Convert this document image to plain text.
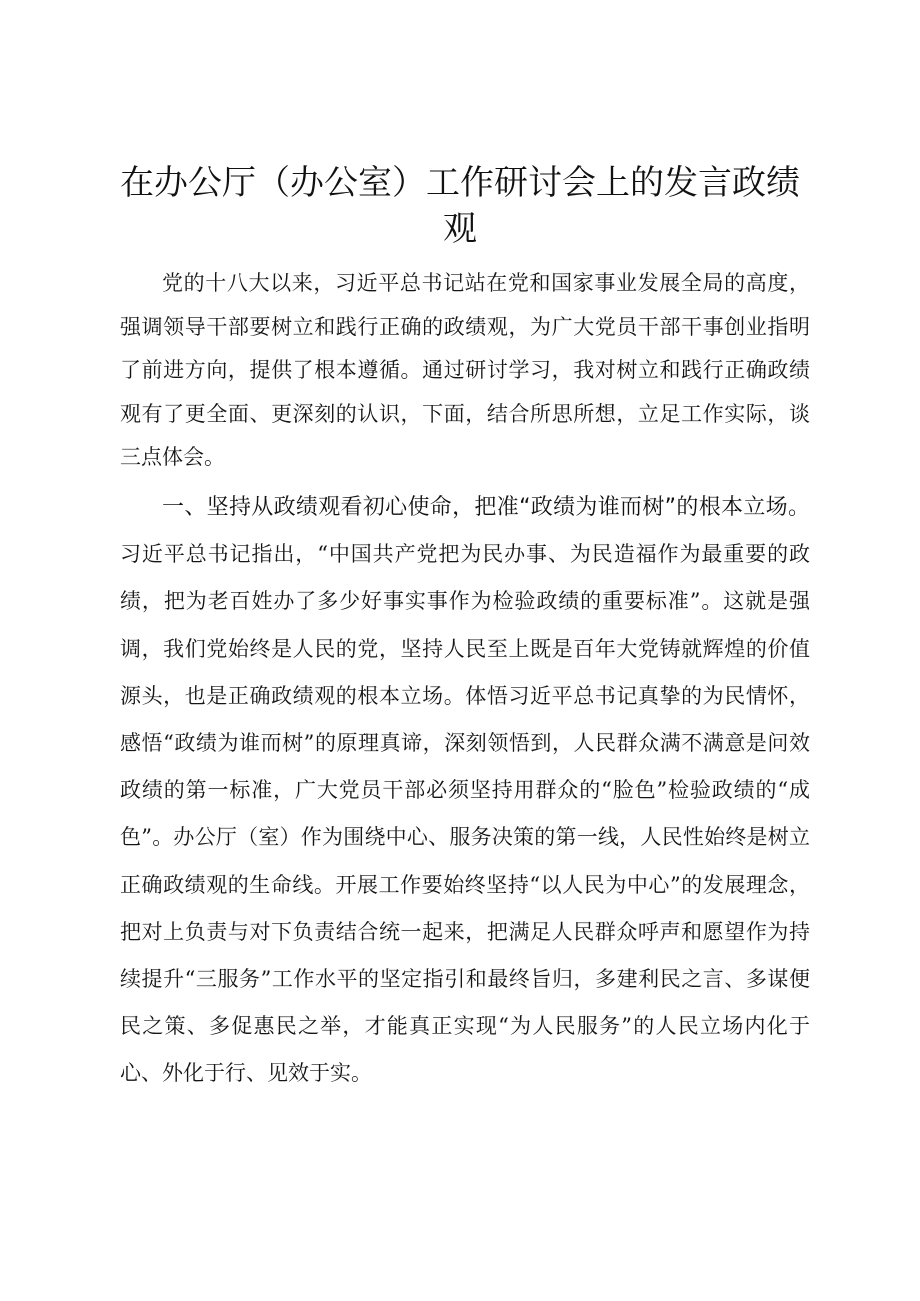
在办公厅（办公室）工作研讨会上的发言政绩观

党的十八大以来，习近平总书记站在党和国家事业发展全局的高度，强调领导干部要树立和践行正确的政绩观，为广大党员干部干事创业指明了前进方向，提供了根本遵循。通过研讨学习，我对树立和践行正确政绩观有了更全面、更深刻的认识，下面，结合所思所想，立足工作实际，谈三点体会。

一、坚持从政绩观看初心使命，把准“政绩为谁而树”的根本立场。习近平总书记指出，“中国共产党把为民办事、为民造福作为最重要的政绩，把为老百姓办了多少好事实事作为检验政绩的重要标准”。这就是强调，我们党始终是人民的党，坚持人民至上既是百年大党铸就辉煌的价值源头，也是正确政绩观的根本立场。体悟习近平总书记真挚的为民情怀，感悟“政绩为谁而树”的原理真谛，深刻领悟到，人民群众满不满意是问效政绩的第一标准，广大党员干部必须坚持用群众的“脸色”检验政绩的“成色”。办公厅（室）作为围绕中心、服务决策的第一线，人民性始终是树立正确政绩观的生命线。开展工作要始终坚持“以人民为中心”的发展理念，把对上负责与对下负责结合统一起来，把满足人民群众呼声和愿望作为持续提升“三服务”工作水平的坚定指引和最终旨归，多建利民之言、多谋便民之策、多促惠民之举，才能真正实现“为人民服务”的人民立场内化于心、外化于行、见效于实。
